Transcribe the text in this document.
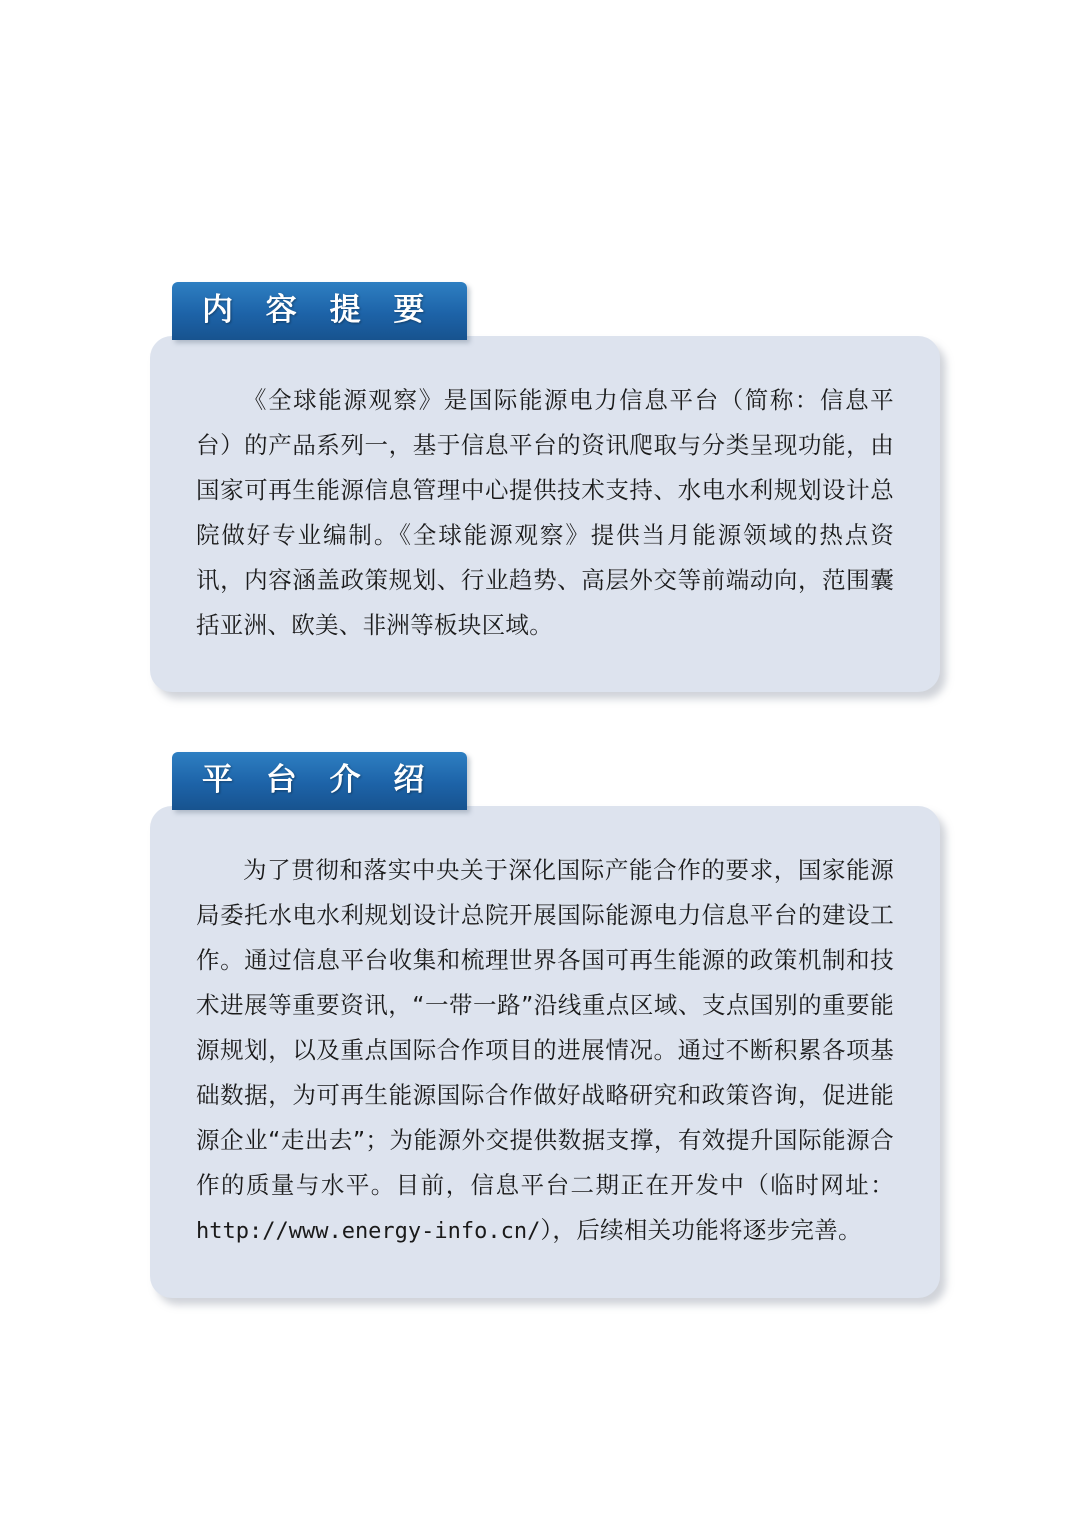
内 容 提 要

《全球能源观察》是国际能源电力信息平台（简称：信息平台）的产品系列一，基于信息平台的资讯爬取与分类呈现功能，由国家可再生能源信息管理中心提供技术支持、水电水利规划设计总院做好专业编制。《全球能源观察》提供当月能源领域的热点资讯，内容涵盖政策规划、行业趋势、高层外交等前端动向，范围囊括亚洲、欧美、非洲等板块区域。

平 台 介 绍

为了贯彻和落实中央关于深化国际产能合作的要求，国家能源局委托水电水利规划设计总院开展国际能源电力信息平台的建设工作。通过信息平台收集和梳理世界各国可再生能源的政策机制和技术进展等重要资讯，“一带一路”沿线重点区域、支点国别的重要能源规划，以及重点国际合作项目的进展情况。通过不断积累各项基础数据，为可再生能源国际合作做好战略研究和政策咨询，促进能源企业“走出去”；为能源外交提供数据支撑，有效提升国际能源合作的质量与水平。目前，信息平台二期正在开发中（临时网址：http://www.energy-info.cn/），后续相关功能将逐步完善。
